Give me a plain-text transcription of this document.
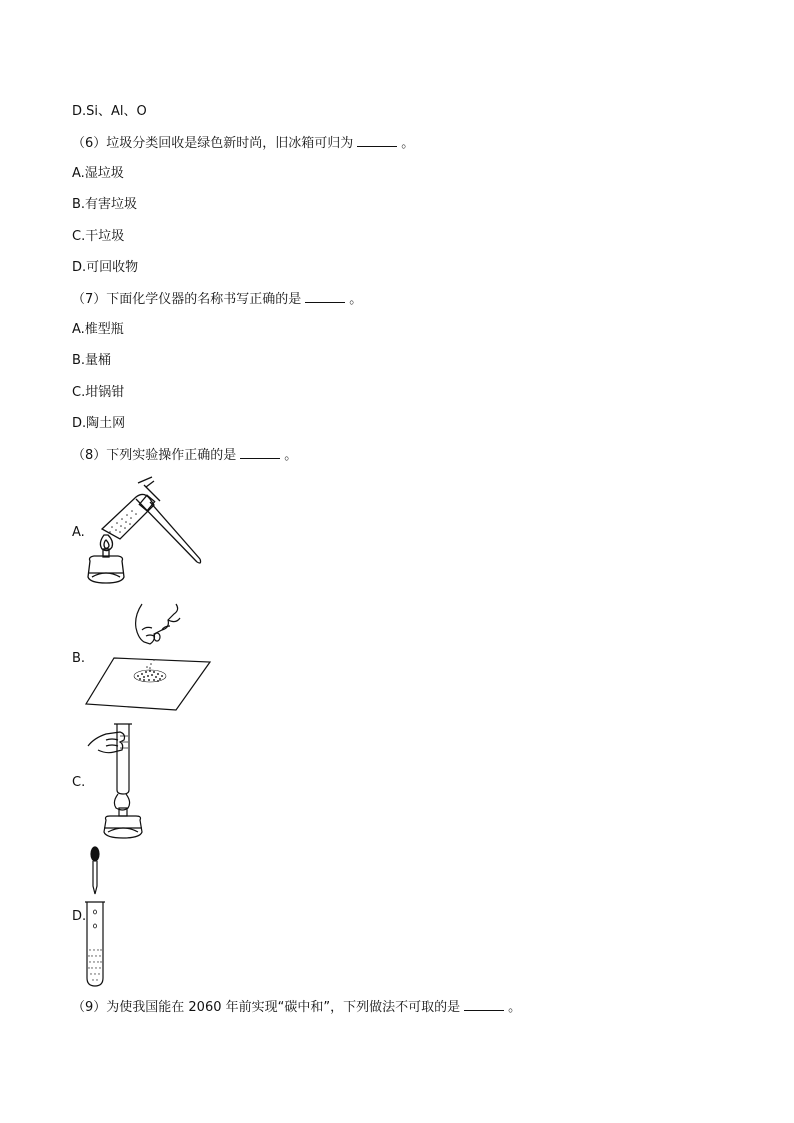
D.Si、Al、O
（6）垃圾分类回收是绿色新时尚，旧冰箱可归为	。
A.湿垃圾
B.有害垃圾
C.干垃圾
D.可回收物
（7）下面化学仪器的名称书写正确的是	。
A.椎型瓶
B.量桶
C.坩锅钳
D.陶土网
（8）下列实验操作正确的是	。
A.
B.
C.
D.
（9）为使我国能在 2060 年前实现“碳中和”，下列做法不可取的是	。
